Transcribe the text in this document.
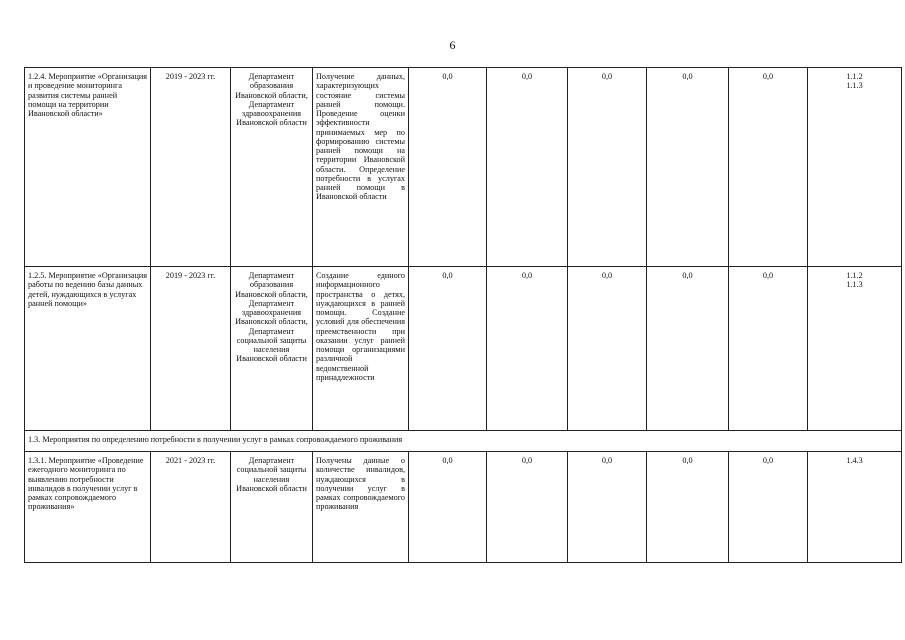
6
1.2.4. Мероприятие «Организация и проведение мониторинга развития системы ранней помощи на территории Ивановской области»	2019 - 2023 гг.	Департамент образования Ивановской области, Департамент здравоохранения Ивановской области	Получение данных, характеризующих состояние системы ранней помощи. Проведение оценки эффективности принимаемых мер по формированию системы ранней помощи на территории Ивановской области. Определение потребности в услугах ранней помощи в Ивановской области	0,0	0,0	0,0	0,0	0,0	1.1.2
1.1.3
1.2.5. Мероприятие «Организация работы по ведению базы данных детей, нуждающихся в услугах ранней помощи»	2019 - 2023 гг.	Департамент образования Ивановской области, Департамент здравоохранения Ивановской области, Департамент социальной защиты населения Ивановской области	Создание единого информационного пространства о детях, нуждающихся в ранней помощи. Создание условий для обеспечения преемственности при оказании услуг ранней помощи организациями различной ведомственной принадлежности	0,0	0,0	0,0	0,0	0,0	1.1.2
1.1.3
1.3. Мероприятия по определению потребности в получении услуг в рамках сопровождаемого проживания									
1.3.1. Мероприятие «Проведение ежегодного мониторинга по выявлению потребности инвалидов в получении услуг в рамках сопровождаемого проживания»	2021 - 2023 гг.	Департамент социальной защиты населения Ивановской области	Получены данные о количестве инвалидов, нуждающихся в получении услуг в рамках сопровождаемого проживания	0,0	0,0	0,0	0,0	0,0	1.4.3
